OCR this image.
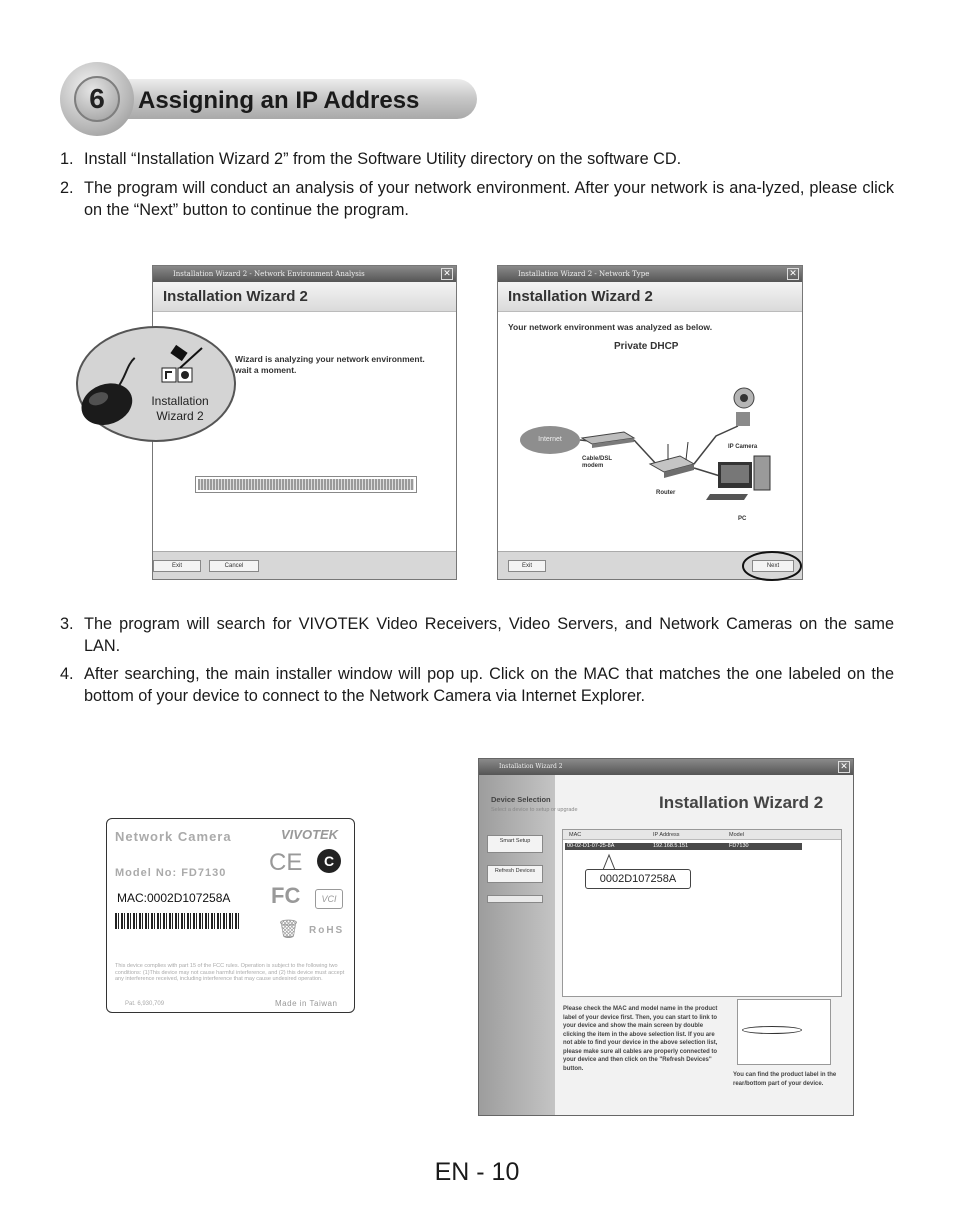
6	Assigning an IP Address
1. Install “Installation Wizard 2” from the Software Utility directory on the software CD.
2. The program will conduct an analysis of your network environment. After your network is ana-lyzed, please click on the “Next” button to continue the program.
Installation Wizard 2 - Network Environment Analysis	✕
Installation Wizard 2
Wizard is analyzing your network environment.
wait a moment.
Exit	Cancel
Installation Wizard 2
Installation Wizard 2 - Network Type	✕
Installation Wizard 2
Your network environment was analyzed as below.
Private DHCP
Internet
Cable/DSL modem
Router
IP Camera
PC
Exit	Next
3. The program will search for VIVOTEK Video Receivers, Video Servers, and Network Cameras on the same LAN.
4. After searching, the main installer window will pop up. Click on the MAC that matches the one labeled on the bottom of your device to connect to the Network Camera via Internet Explorer.
Network Camera	VIVOTEK
Model No: FD7130
MAC:0002D107258A
CE	C
FC	VCI
🗑 RoHS
This device complies with part 15 of the FCC rules. Operation is subject to the following two conditions: (1)This device may not cause harmful interference, and (2) this device must accept any interference received, including interference that may cause undesired operation.
Pat. 6,930,709	Made in Taiwan
Installation Wizard 2	✕
Smart Setup
Refresh Devices
Device Selection
Select a device to setup or upgrade	Installation Wizard 2
MAC	IP Address	Model
00-02-D1-07-25-8A	192.168.5.151	FD7130
0002D107258A
Please check the MAC and model name in the product label of your device first. Then, you can start to link to your device and show the main screen by double clicking the item in the above selection list. If you are not able to find your device in the above selection list, please make sure all cables are properly connected to your device and then click on the "Refresh Devices" button.
You can find the product label in the rear/bottom part of your device.
EN - 10
